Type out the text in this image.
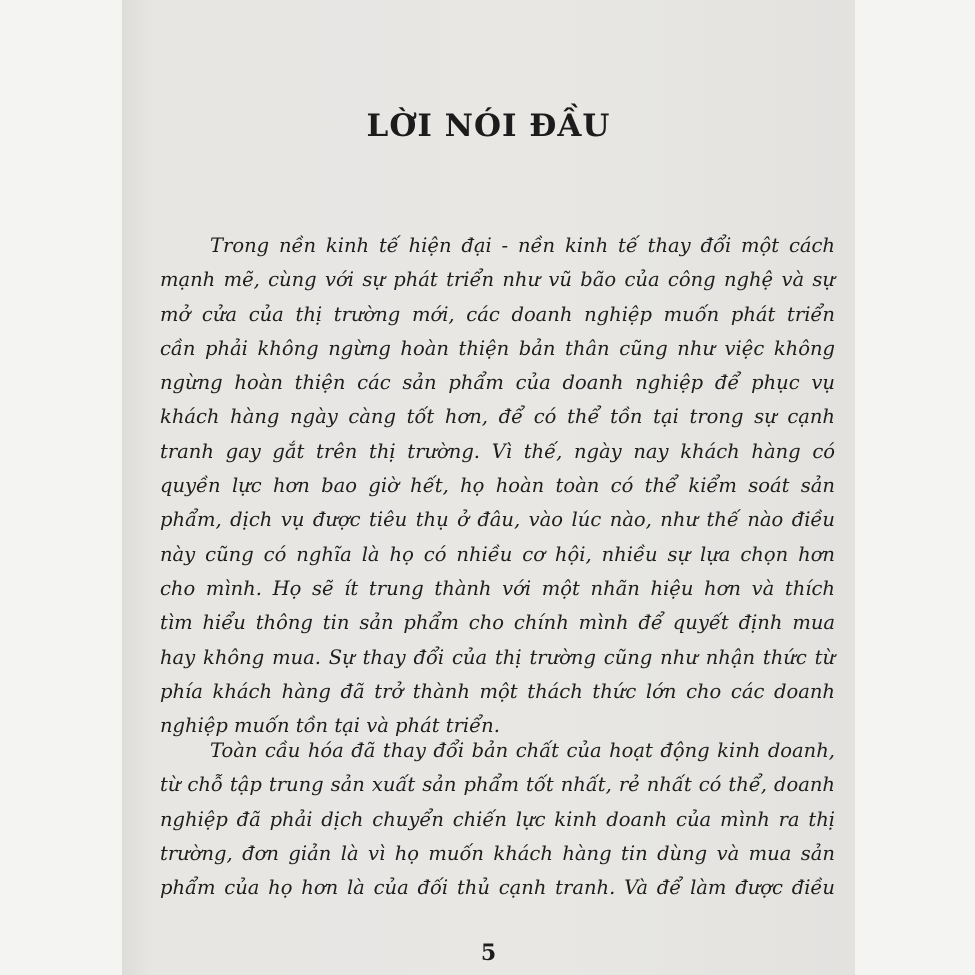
LỜI NÓI ĐẦU
Trong nền kinh tế hiện đại - nền kinh tế thay đổi một cách
mạnh mẽ, cùng với sự phát triển như vũ bão của công nghệ và sự
mở cửa của thị trường mới, các doanh nghiệp muốn phát triển
cần phải không ngừng hoàn thiện bản thân cũng như việc không
ngừng hoàn thiện các sản phẩm của doanh nghiệp để phục vụ
khách hàng ngày càng tốt hơn, để có thể tồn tại trong sự cạnh
tranh gay gắt trên thị trường. Vì thế, ngày nay khách hàng có
quyền lực hơn bao giờ hết, họ hoàn toàn có thể kiểm soát sản
phẩm, dịch vụ được tiêu thụ ở đâu, vào lúc nào, như thế nào điều
này cũng có nghĩa là họ có nhiều cơ hội, nhiều sự lựa chọn hơn
cho mình. Họ sẽ ít trung thành với một nhãn hiệu hơn và thích
tìm hiểu thông tin sản phẩm cho chính mình để quyết định mua
hay không mua. Sự thay đổi của thị trường cũng như nhận thức từ
phía khách hàng đã trở thành một thách thức lớn cho các doanh
nghiệp muốn tồn tại và phát triển.
Toàn cầu hóa đã thay đổi bản chất của hoạt động kinh doanh,
từ chỗ tập trung sản xuất sản phẩm tốt nhất, rẻ nhất có thể, doanh
nghiệp đã phải dịch chuyển chiến lực kinh doanh của mình ra thị
trường, đơn giản là vì họ muốn khách hàng tin dùng và mua sản
phẩm của họ hơn là của đối thủ cạnh tranh. Và để làm được điều
5
